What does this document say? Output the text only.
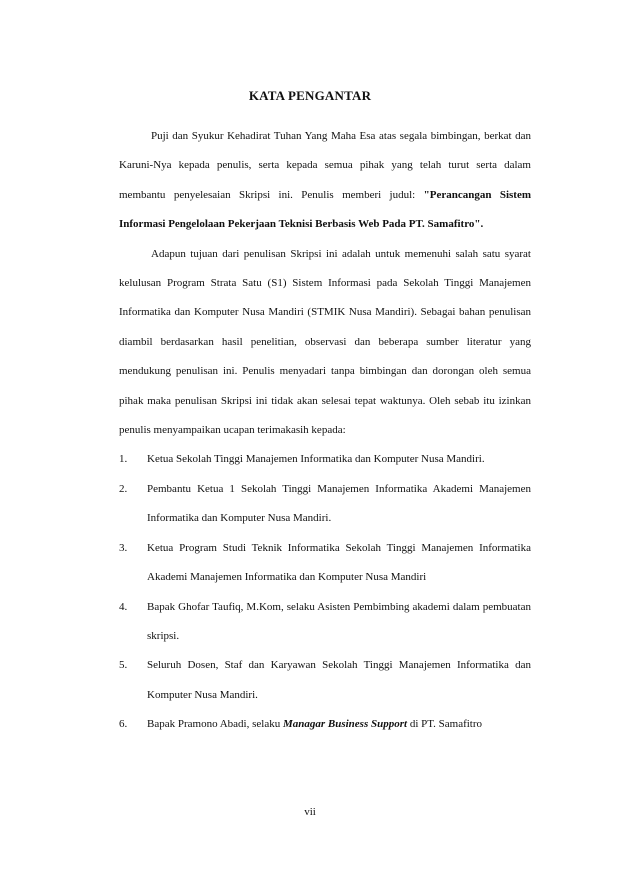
KATA PENGANTAR

Puji dan Syukur Kehadirat Tuhan Yang Maha Esa atas segala bimbingan, berkat dan Karuni-Nya kepada penulis, serta kepada semua pihak yang telah turut serta dalam membantu penyelesaian Skripsi ini. Penulis memberi judul: "Perancangan Sistem Informasi Pengelolaan Pekerjaan Teknisi Berbasis Web Pada PT. Samafitro".

Adapun tujuan dari penulisan Skripsi ini adalah untuk memenuhi salah satu syarat kelulusan Program Strata Satu (S1) Sistem Informasi pada Sekolah Tinggi Manajemen Informatika dan Komputer Nusa Mandiri (STMIK Nusa Mandiri). Sebagai bahan penulisan diambil berdasarkan hasil penelitian, observasi dan beberapa sumber literatur yang mendukung penulisan ini. Penulis menyadari tanpa bimbingan dan dorongan oleh semua pihak maka penulisan Skripsi ini tidak akan selesai tepat waktunya. Oleh sebab itu izinkan penulis menyampaikan ucapan terimakasih kepada:

1. Ketua Sekolah Tinggi Manajemen Informatika dan Komputer Nusa Mandiri.
2. Pembantu Ketua 1 Sekolah Tinggi Manajemen Informatika Akademi Manajemen Informatika dan Komputer Nusa Mandiri.
3. Ketua Program Studi Teknik Informatika Sekolah Tinggi Manajemen Informatika Akademi Manajemen Informatika dan Komputer Nusa Mandiri
4. Bapak Ghofar Taufiq, M.Kom, selaku Asisten Pembimbing akademi dalam pembuatan skripsi.
5. Seluruh Dosen, Staf dan Karyawan Sekolah Tinggi Manajemen Informatika dan Komputer Nusa Mandiri.
6. Bapak Pramono Abadi, selaku Managar Business Support di PT. Samafitro
vii
